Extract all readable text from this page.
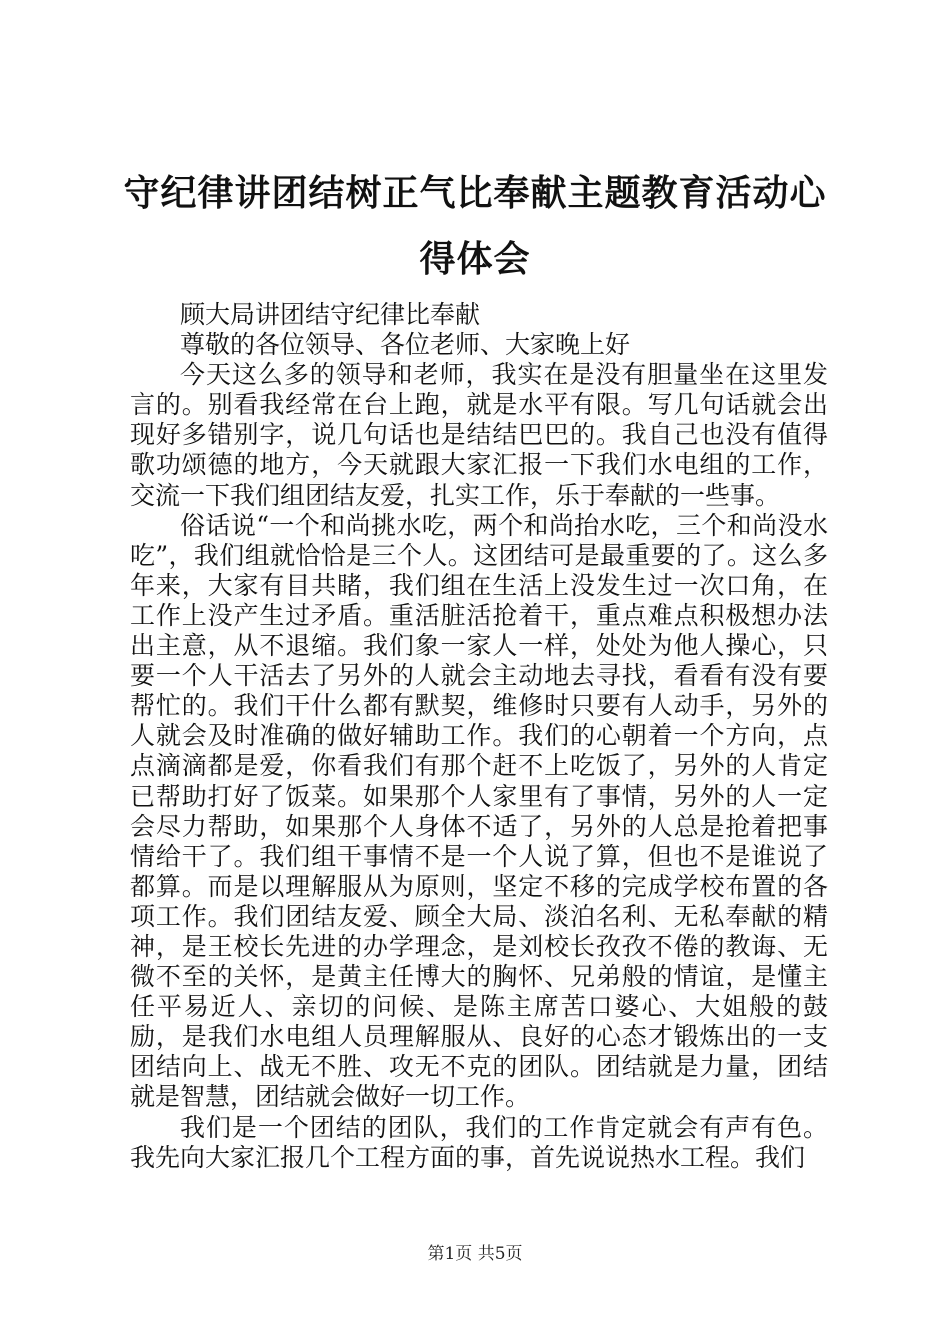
守纪律讲团结树正气比奉献主题教育活动心得体会

顾大局讲团结守纪律比奉献

尊敬的各位领导、各位老师、大家晚上好

今天这么多的领导和老师，我实在是没有胆量坐在这里发言的。别看我经常在台上跑，就是水平有限。写几句话就会出现好多错别字，说几句话也是结结巴巴的。我自己也没有值得歌功颂德的地方，今天就跟大家汇报一下我们水电组的工作，交流一下我们组团结友爱，扎实工作，乐于奉献的一些事。

俗话说“一个和尚挑水吃，两个和尚抬水吃，三个和尚没水吃”，我们组就恰恰是三个人。这团结可是最重要的了。这么多年来，大家有目共睹，我们组在生活上没发生过一次口角，在工作上没产生过矛盾。重活脏活抢着干，重点难点积极想办法出主意，从不退缩。我们象一家人一样，处处为他人操心，只要一个人干活去了另外的人就会主动地去寻找，看看有没有要帮忙的。我们干什么都有默契，维修时只要有人动手，另外的人就会及时准确的做好辅助工作。我们的心朝着一个方向，点点滴滴都是爱，你看我们有那个赶不上吃饭了，另外的人肯定已帮助打好了饭菜。如果那个人家里有了事情，另外的人一定会尽力帮助，如果那个人身体不适了，另外的人总是抢着把事情给干了。我们组干事情不是一个人说了算，但也不是谁说了都算。而是以理解服从为原则，坚定不移的完成学校布置的各项工作。我们团结友爱、顾全大局、淡泊名利、无私奉献的精神，是王校长先进的办学理念，是刘校长孜孜不倦的教诲、无微不至的关怀，是黄主任博大的胸怀、兄弟般的情谊，是懂主任平易近人、亲切的问候、是陈主席苦口婆心、大姐般的鼓励，是我们水电组人员理解服从、良好的心态才锻炼出的一支团结向上、战无不胜、攻无不克的团队。团结就是力量，团结就是智慧，团结就会做好一切工作。

我们是一个团结的团队，我们的工作肯定就会有声有色。我先向大家汇报几个工程方面的事，首先说说热水工程。我们

第1页 共5页
